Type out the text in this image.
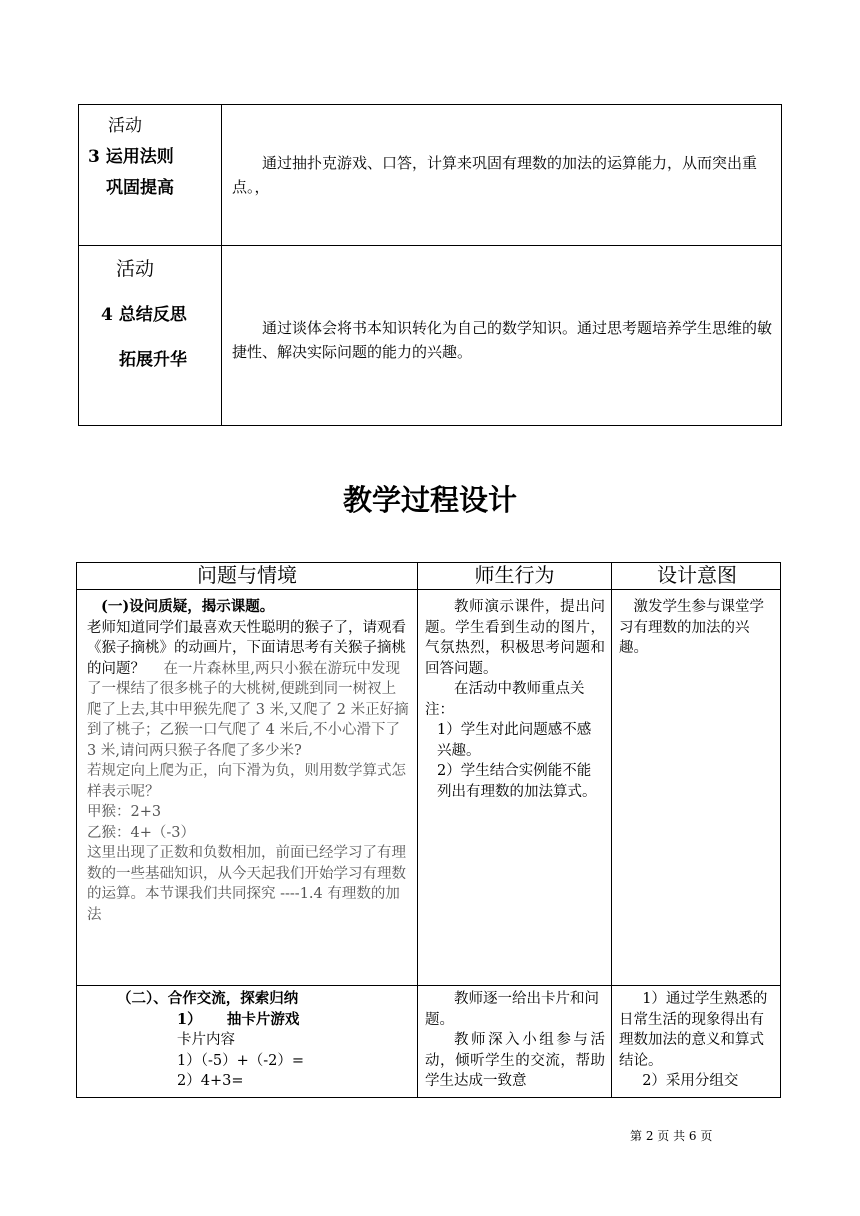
活动
3 运用法则
巩固提高
通过抽扑克游戏、口答，计算来巩固有理数的加法的运算能力，从而突出重点。，
活动
4 总结反思
拓展升华
通过谈体会将书本知识转化为自己的数学知识。通过思考题培养学生思维的敏捷性、解决实际问题的能力的兴趣。
教学过程设计
问题与情境	师生行为	设计意图

(一)设问质疑，揭示课题。

老师知道同学们最喜欢天性聪明的猴子了，请观看《猴子摘桃》的动画片，下面请思考有关猴子摘桃的问题？ 在一片森林里,两只小猴在游玩中发现了一棵结了很多桃子的大桃树,便跳到同一树衩上爬了上去,其中甲猴先爬了 3 米,又爬了 2 米正好摘到了桃子；乙猴一口气爬了 4 米后,不小心滑下了 3 米,请问两只猴子各爬了多少米?

若规定向上爬为正，向下滑为负，则用数学算式怎样表示呢？

甲猴：2+3

乙猴：4+（-3）

这里出现了正数和负数相加，前面已经学习了有理数的一些基础知识，从今天起我们开始学习有理数的运算。本节课我们共同探究 ----1.4 有理数的加法

教师演示课件，提出问题。学生看到生动的图片，气氛热烈，积极思考问题和回答问题。

在活动中教师重点关注：

1）学生对此问题感不感兴趣。

2）学生结合实例能不能列出有理数的加法算式。

激发学生参与课堂学习有理数的加法的兴趣。

（二）、合作交流，探索归纳

1） 抽卡片游戏

卡片内容

1）（-5）+（-2）=

2）4+3=

教师逐一给出卡片和问题。

教师深入小组参与活动，倾听学生的交流，帮助学生达成一致意

1）通过学生熟悉的日常生活的现象得出有理数加法的意义和算式结论。

2）采用分组交

第 2 页 共 6 页
